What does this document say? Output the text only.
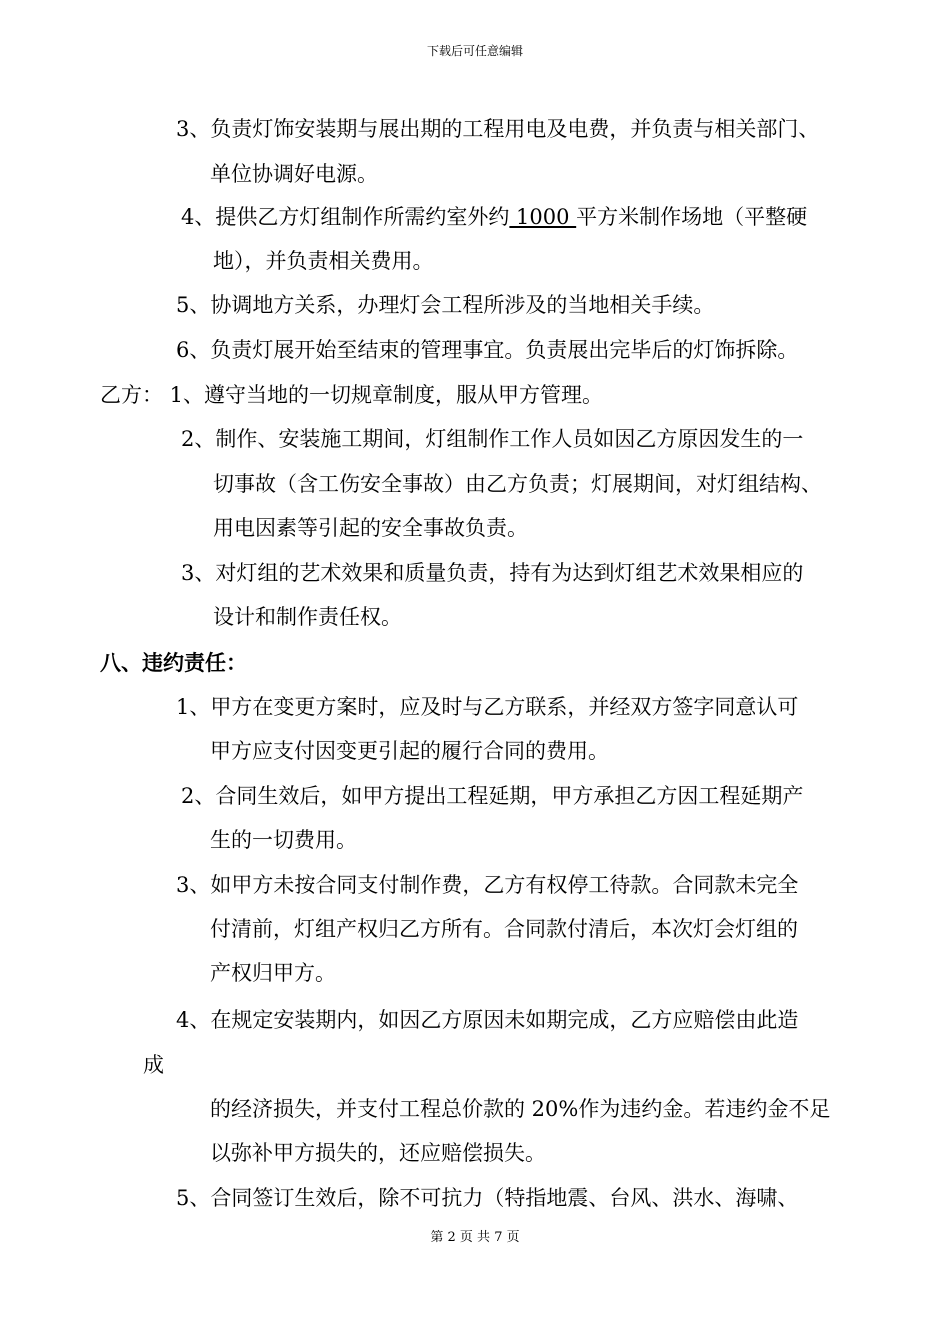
下载后可任意编辑
3、负责灯饰安装期与展出期的工程用电及电费，并负责与相关部门、
单位协调好电源。
4、提供乙方灯组制作所需约室外约 1000 平方米制作场地（平整硬
地），并负责相关费用。
5、协调地方关系，办理灯会工程所涉及的当地相关手续。
6、负责灯展开始至结束的管理事宜。负责展出完毕后的灯饰拆除。
乙方： 1、遵守当地的一切规章制度，服从甲方管理。
2、制作、安装施工期间，灯组制作工作人员如因乙方原因发生的一
切事故（含工伤安全事故）由乙方负责；灯展期间，对灯组结构、
用电因素等引起的安全事故负责。
3、对灯组的艺术效果和质量负责，持有为达到灯组艺术效果相应的
设计和制作责任权。
八、违约责任：
1、甲方在变更方案时，应及时与乙方联系，并经双方签字同意认可
甲方应支付因变更引起的履行合同的费用。
2、合同生效后，如甲方提出工程延期，甲方承担乙方因工程延期产
生的一切费用。
3、如甲方未按合同支付制作费，乙方有权停工待款。合同款未完全
付清前，灯组产权归乙方所有。合同款付清后，本次灯会灯组的
产权归甲方。
4、在规定安装期内，如因乙方原因未如期完成，乙方应赔偿由此造
成
的经济损失，并支付工程总价款的 20%作为违约金。若违约金不足
以弥补甲方损失的，还应赔偿损失。
5、合同签订生效后，除不可抗力（特指地震、台风、洪水、海啸、
第 2 页 共 7 页
